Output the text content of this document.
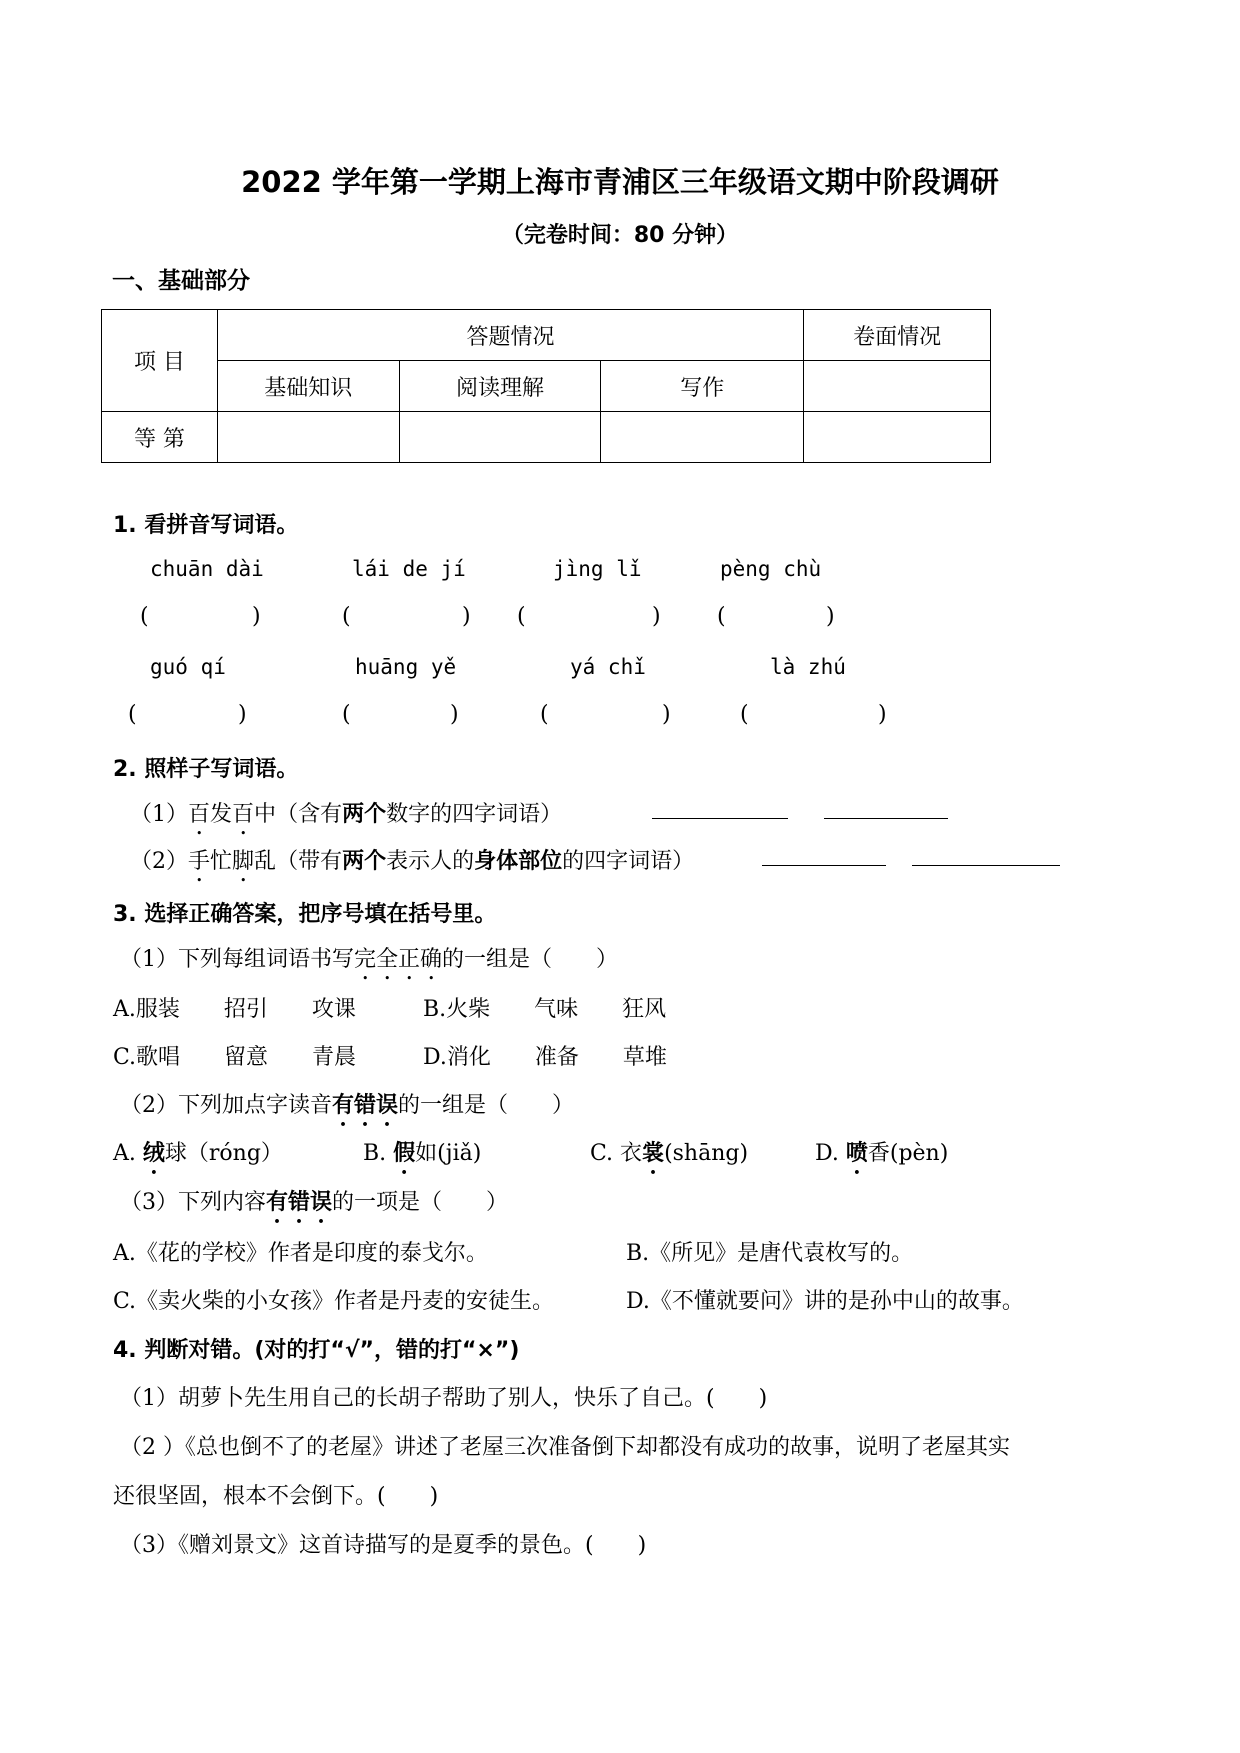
2022 学年第一学期上海市青浦区三年级语文期中阶段调研
（完卷时间：80 分钟）
一、基础部分
项 目	答题情况			卷面情况
	基础知识	阅读理解	写作	
等 第				
1. 看拼音写词语。
chuān dài	lái de jí	jìng lǐ	pèng chù
(	)	(	) (	)	(	)
guó qí	huāng yě	yá chǐ	là zhú
(	)	(	)	(	)	(	)
2. 照样子写词语。
（1）百发百中（含有两个数字的四字词语）
（2）手忙脚乱（带有两个表示人的身体部位的四字词语）
3. 选择正确答案，把序号填在括号里。
（1）下列每组词语书写完全正确的一组是（　　）
A.服装　　招引　　攻课	B.火柴　　气味　　狂风
C.歌唱　　留意　　青晨	D.消化　　准备　　草堆
（2）下列加点字读音有错误的一组是（　　）
A. 绒球（róng）	B. 假如(jiǎ)	C. 衣裳(shāng)	D. 喷香(pèn)
（3）下列内容有错误的一项是（　　）
A.《花的学校》作者是印度的泰戈尔。	B.《所见》是唐代袁枚写的。
C.《卖火柴的小女孩》作者是丹麦的安徒生。	D.《不懂就要问》讲的是孙中山的故事。
4. 判断对错。(对的打“√”，错的打“×”)
（1）胡萝卜先生用自己的长胡子帮助了别人，快乐了自己。(　　)
（2 ）《总也倒不了的老屋》讲述了老屋三次准备倒下却都没有成功的故事，说明了老屋其实
还很坚固，根本不会倒下。(　　)
（3）《赠刘景文》这首诗描写的是夏季的景色。(　　)
